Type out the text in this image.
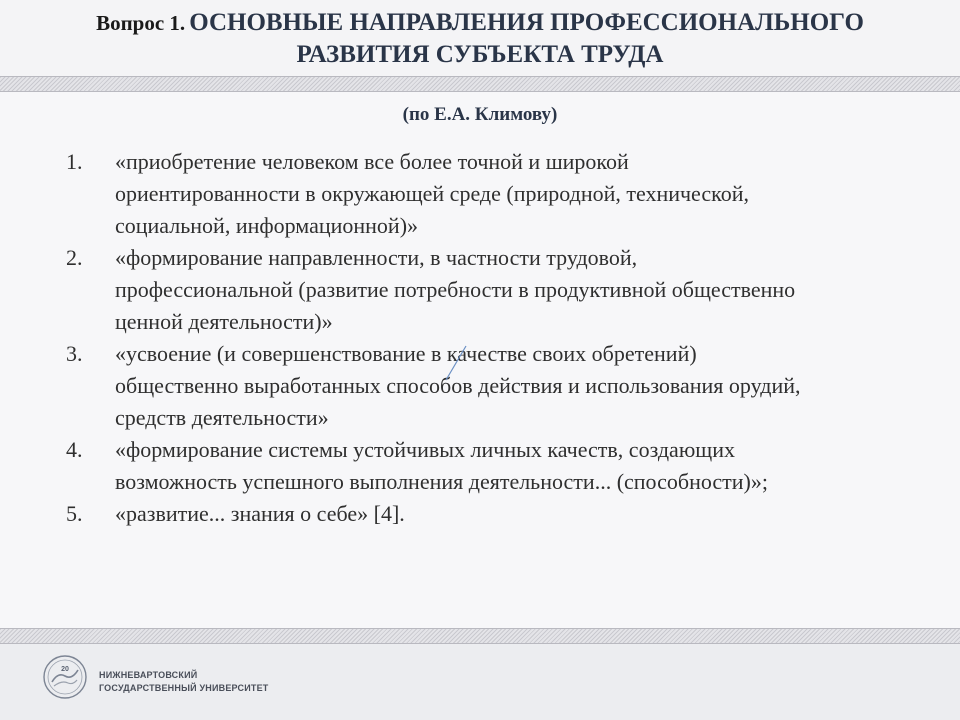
Вопрос 1. ОСНОВНЫЕ НАПРАВЛЕНИЯ ПРОФЕССИОНАЛЬНОГО
РАЗВИТИЯ СУБЪЕКТА ТРУДА
(по Е.А. Климову)
1. «приобретение человеком все более точной и широкой
ориентированности в окружающей среде (природной, технической,
социальной, информационной)»
2. «формирование направленности, в частности трудовой,
профессиональной (развитие потребности в продуктивной общественно
ценной деятельности)»
3. «усвоение (и совершенствование в качестве своих обретений)
общественно выработанных способов действия и использования орудий,
средств деятельности»
4. «формирование системы устойчивых личных качеств, создающих
возможность успешного выполнения деятельности... (способности)»;
5. «развитие... знания о себе» [4].
20
НИЖНЕВАРТОВСКИЙ
ГОСУДАРСТВЕННЫЙ УНИВЕРСИТЕТ
